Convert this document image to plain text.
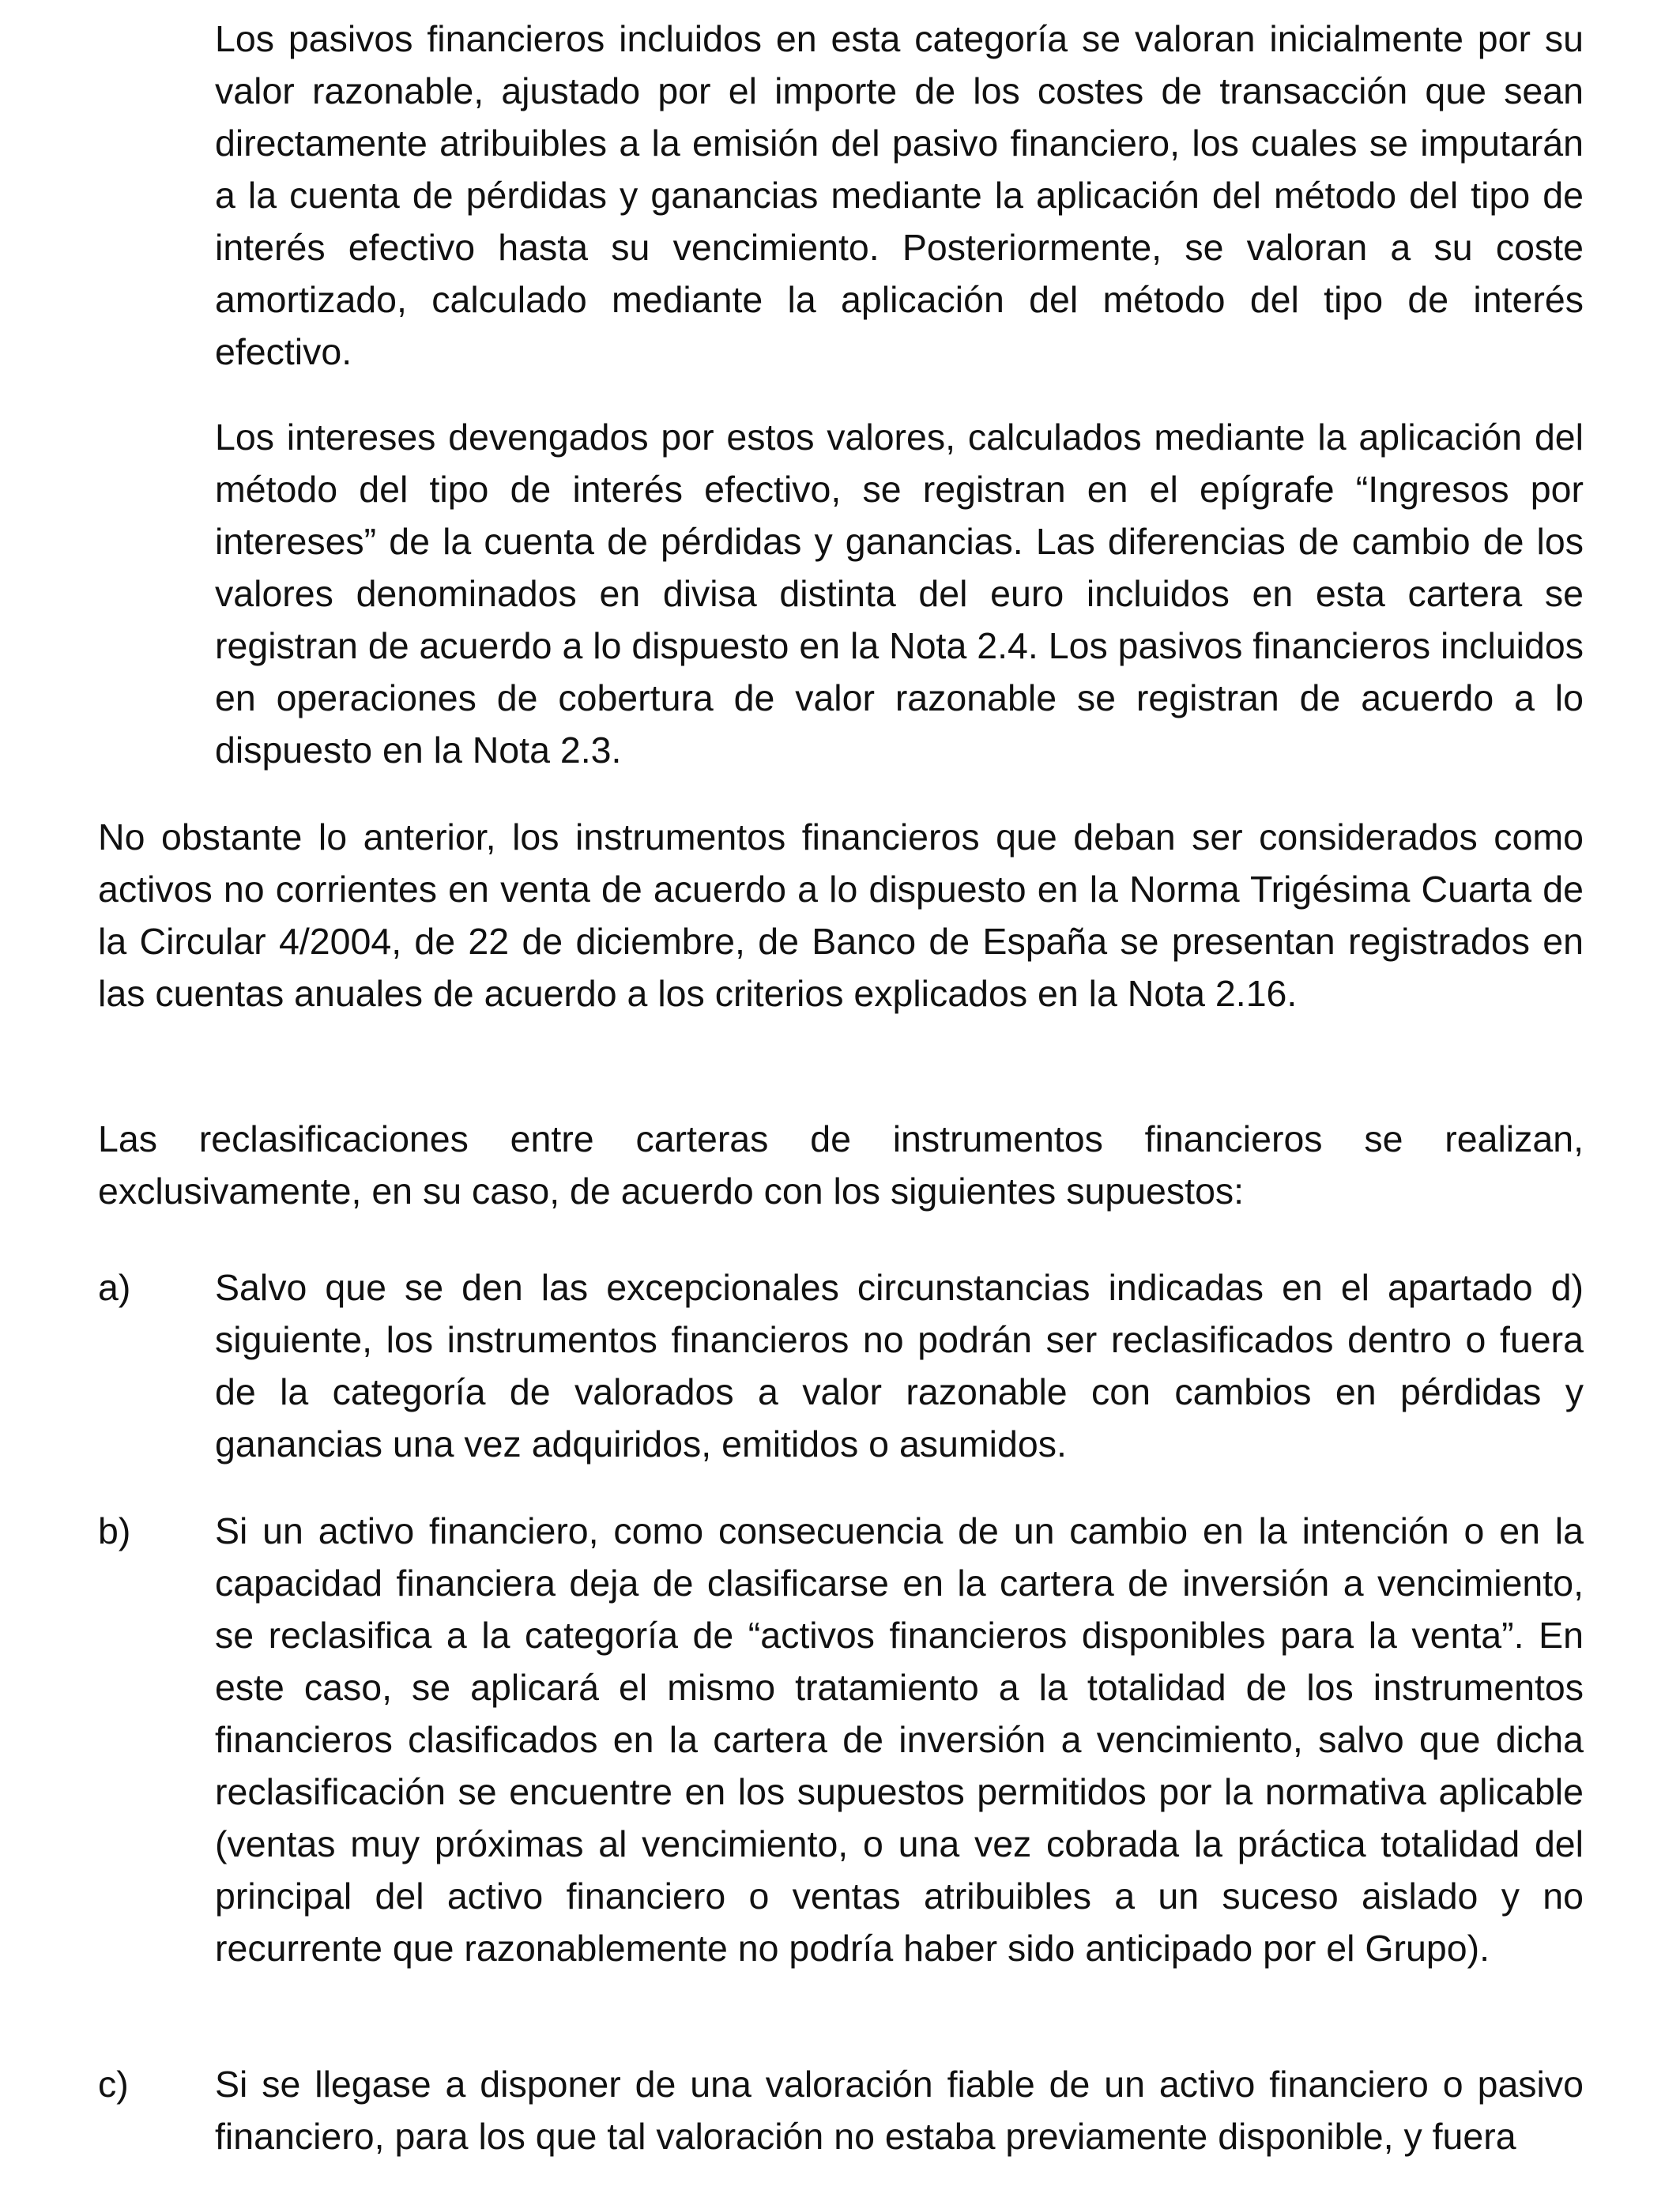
Los pasivos financieros incluidos en esta categoría se valoran inicialmente por su valor razonable, ajustado por el importe de los costes de transacción que sean directamente atribuibles a la emisión del pasivo financiero, los cuales se imputarán a la cuenta de pérdidas y ganancias mediante la aplicación del método del tipo de interés efectivo hasta su vencimiento. Posteriormente, se valoran a su coste amortizado, calculado mediante la aplicación del método del tipo de interés efectivo.

Los intereses devengados por estos valores, calculados mediante la aplicación del método del tipo de interés efectivo, se registran en el epígrafe “Ingresos por intereses” de la cuenta de pérdidas y ganancias. Las diferencias de cambio de los valores denominados en divisa distinta del euro incluidos en esta cartera se registran de acuerdo a lo dispuesto en la Nota 2.4. Los pasivos financieros incluidos en operaciones de cobertura de valor razonable se registran de acuerdo a lo dispuesto en la Nota 2.3.

No obstante lo anterior, los instrumentos financieros que deban ser considerados como activos no corrientes en venta de acuerdo a lo dispuesto en la Norma Trigésima Cuarta de la Circular 4/2004, de 22 de diciembre, de Banco de España se presentan registrados en las cuentas anuales de acuerdo a los criterios explicados en la Nota 2.16.

Las reclasificaciones entre carteras de instrumentos financieros se realizan, exclusivamente, en su caso, de acuerdo con los siguientes supuestos:

a) Salvo que se den las excepcionales circunstancias indicadas en el apartado d) siguiente, los instrumentos financieros no podrán ser reclasificados dentro o fuera de la categoría de valorados a valor razonable con cambios en pérdidas y ganancias una vez adquiridos, emitidos o asumidos.

b) Si un activo financiero, como consecuencia de un cambio en la intención o en la capacidad financiera deja de clasificarse en la cartera de inversión a vencimiento, se reclasifica a la categoría de “activos financieros disponibles para la venta”. En este caso, se aplicará el mismo tratamiento a la totalidad de los instrumentos financieros clasificados en la cartera de inversión a vencimiento, salvo que dicha reclasificación se encuentre en los supuestos permitidos por la normativa aplicable (ventas muy próximas al vencimiento, o una vez cobrada la práctica totalidad del principal del activo financiero o ventas atribuibles a un suceso aislado y no recurrente que razonablemente no podría haber sido anticipado por el Grupo).

c) Si se llegase a disponer de una valoración fiable de un activo financiero o pasivo financiero, para los que tal valoración no estaba previamente disponible, y fuera
